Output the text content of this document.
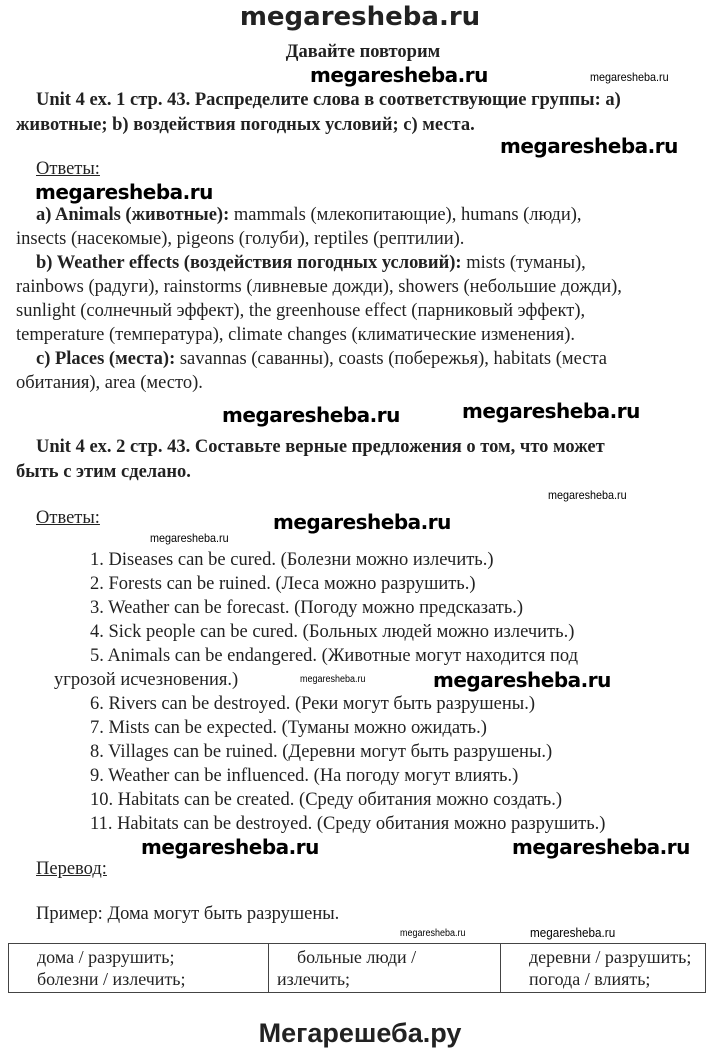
megaresheba.ru
Давайте повторим
Unit 4 ex. 1 стр. 43. Распределите слова в соответствующие группы: a)
животные; b) воздействия погодных условий; c) места.
Ответы:
a) Animals (животные): mammals (млекопитающие), humans (люди),
insects (насекомые), pigeons (голуби), reptiles (рептилии).
b) Weather effects (воздействия погодных условий): mists (туманы),
rainbows (радуги), rainstorms (ливневые дожди), showers (небольшие дожди),
sunlight (солнечный эффект), the greenhouse effect (парниковый эффект),
temperature (температура), climate changes (климатические изменения).
c) Places (места): savannas (саванны), coasts (побережья), habitats (места
обитания), area (место).
Unit 4 ex. 2 стр. 43. Составьте верные предложения о том, что может
быть с этим сделано.
Ответы:
1. Diseases can be cured. (Болезни можно излечить.)
2. Forests can be ruined. (Леса можно разрушить.)
3. Weather can be forecast. (Погоду можно предсказать.)
4. Sick people can be cured. (Больных людей можно излечить.)
5. Animals can be endangered. (Животные могут находится под
угрозой исчезновения.)
6. Rivers can be destroyed. (Реки могут быть разрушены.)
7. Mists can be expected. (Туманы можно ожидать.)
8. Villages can be ruined. (Деревни могут быть разрушены.)
9. Weather can be influenced. (На погоду могут влиять.)
10. Habitats can be created. (Среду обитания можно создать.)
11. Habitats can be destroyed. (Среду обитания можно разрушить.)
Перевод:
Пример: Дома могут быть разрушены.
дома / разрушить;
болезни / излечить;

больные люди /
излечить;

деревни / разрушить;
погода / влиять;
megaresheba.ru	megaresheba.ru
megaresheba.ru
megaresheba.ru
megaresheba.ru
megaresheba.ru
megaresheba.ru
megaresheba.ru
megaresheba.ru
megaresheba.ru	megaresheba.ru
megaresheba.ru	megaresheba.ru
megaresheba.ru	megaresheba.ru
Мегарешеба.ру
